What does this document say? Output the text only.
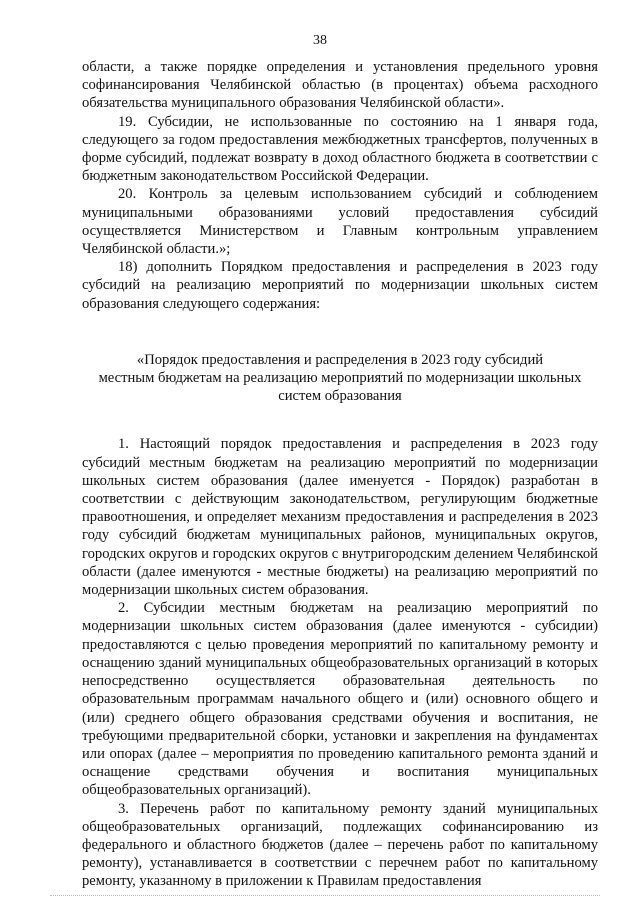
38

области, а также порядке определения и установления предельного уровня софинансирования Челябинской областью (в процентах) объема расходного обязательства муниципального образования Челябинской области».

19. Субсидии, не использованные по состоянию на 1 января года, следующего за годом предоставления межбюджетных трансфертов, полученных в форме субсидий, подлежат возврату в доход областного бюджета в соответствии с бюджетным законодательством Российской Федерации.

20. Контроль за целевым использованием субсидий и соблюдением муниципальными образованиями условий предоставления субсидий осуществляется Министерством и Главным контрольным управлением Челябинской области.»;

18) дополнить Порядком предоставления и распределения в 2023 году субсидий на реализацию мероприятий по модернизации школьных систем образования следующего содержания:

«Порядок предоставления и распределения в 2023 году субсидий
местным бюджетам на реализацию мероприятий по модернизации школьных
систем образования

1. Настоящий порядок предоставления и распределения в 2023 году субсидий местным бюджетам на реализацию мероприятий по модернизации школьных систем образования (далее именуется - Порядок) разработан в соответствии с действующим законодательством, регулирующим бюджетные правоотношения, и определяет механизм предоставления и распределения в 2023 году субсидий бюджетам муниципальных районов, муниципальных округов, городских округов и городских округов с внутригородским делением Челябинской области (далее именуются - местные бюджеты) на реализацию мероприятий по модернизации школьных систем образования.

2. Субсидии местным бюджетам на реализацию мероприятий по модернизации школьных систем образования (далее именуются - субсидии) предоставляются с целью проведения мероприятий по капитальному ремонту и оснащению зданий муниципальных общеобразовательных организаций в которых непосредственно осуществляется образовательная деятельность по образовательным программам начального общего и (или) основного общего и (или) среднего общего образования средствами обучения и воспитания, не требующими предварительной сборки, установки и закрепления на фундаментах или опорах (далее – мероприятия по проведению капитального ремонта зданий и оснащение средствами обучения и воспитания муниципальных общеобразовательных организаций).

3. Перечень работ по капитальному ремонту зданий муниципальных общеобразовательных организаций, подлежащих софинансированию из федерального и областного бюджетов (далее – перечень работ по капитальному ремонту), устанавливается в соответствии с перечнем работ по капитальному ремонту, указанному в приложении к Правилам предоставления
